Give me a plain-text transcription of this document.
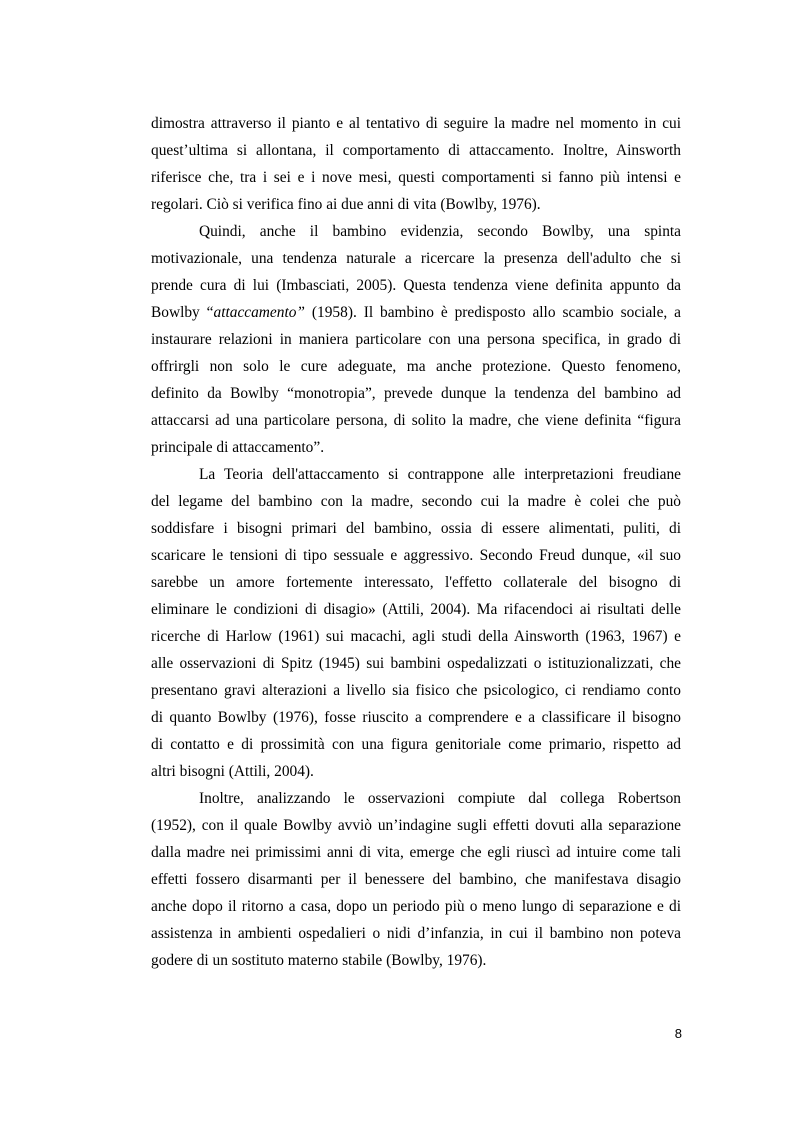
dimostra attraverso il pianto e al tentativo di seguire la madre nel momento in cui
quest’ultima si allontana, il comportamento di attaccamento. Inoltre, Ainsworth
riferisce che, tra i sei e i nove mesi, questi comportamenti si fanno più intensi e
regolari. Ciò si verifica fino ai due anni di vita (Bowlby, 1976).
Quindi, anche il bambino evidenzia, secondo Bowlby, una spinta
motivazionale, una tendenza naturale a ricercare la presenza dell'adulto che si
prende cura di lui (Imbasciati, 2005). Questa tendenza viene definita appunto da
Bowlby “attaccamento” (1958). Il bambino è predisposto allo scambio sociale, a
instaurare relazioni in maniera particolare con una persona specifica, in grado di
offrirgli non solo le cure adeguate, ma anche protezione. Questo fenomeno,
definito da Bowlby “monotropia”, prevede dunque la tendenza del bambino ad
attaccarsi ad una particolare persona, di solito la madre, che viene definita “figura
principale di attaccamento”.
La Teoria dell'attaccamento si contrappone alle interpretazioni freudiane
del legame del bambino con la madre, secondo cui la madre è colei che può
soddisfare i bisogni primari del bambino, ossia di essere alimentati, puliti, di
scaricare le tensioni di tipo sessuale e aggressivo. Secondo Freud dunque, «il suo
sarebbe un amore fortemente interessato, l'effetto collaterale del bisogno di
eliminare le condizioni di disagio» (Attili, 2004). Ma rifacendoci ai risultati delle
ricerche di Harlow (1961) sui macachi, agli studi della Ainsworth (1963, 1967) e
alle osservazioni di Spitz (1945) sui bambini ospedalizzati o istituzionalizzati, che
presentano gravi alterazioni a livello sia fisico che psicologico, ci rendiamo conto
di quanto Bowlby (1976), fosse riuscito a comprendere e a classificare il bisogno
di contatto e di prossimità con una figura genitoriale come primario, rispetto ad
altri bisogni (Attili, 2004).
Inoltre, analizzando le osservazioni compiute dal collega Robertson
(1952), con il quale Bowlby avviò un’indagine sugli effetti dovuti alla separazione
dalla madre nei primissimi anni di vita, emerge che egli riuscì ad intuire come tali
effetti fossero disarmanti per il benessere del bambino, che manifestava disagio
anche dopo il ritorno a casa, dopo un periodo più o meno lungo di separazione e di
assistenza in ambienti ospedalieri o nidi d’infanzia, in cui il bambino non poteva
godere di un sostituto materno stabile (Bowlby, 1976).
8
